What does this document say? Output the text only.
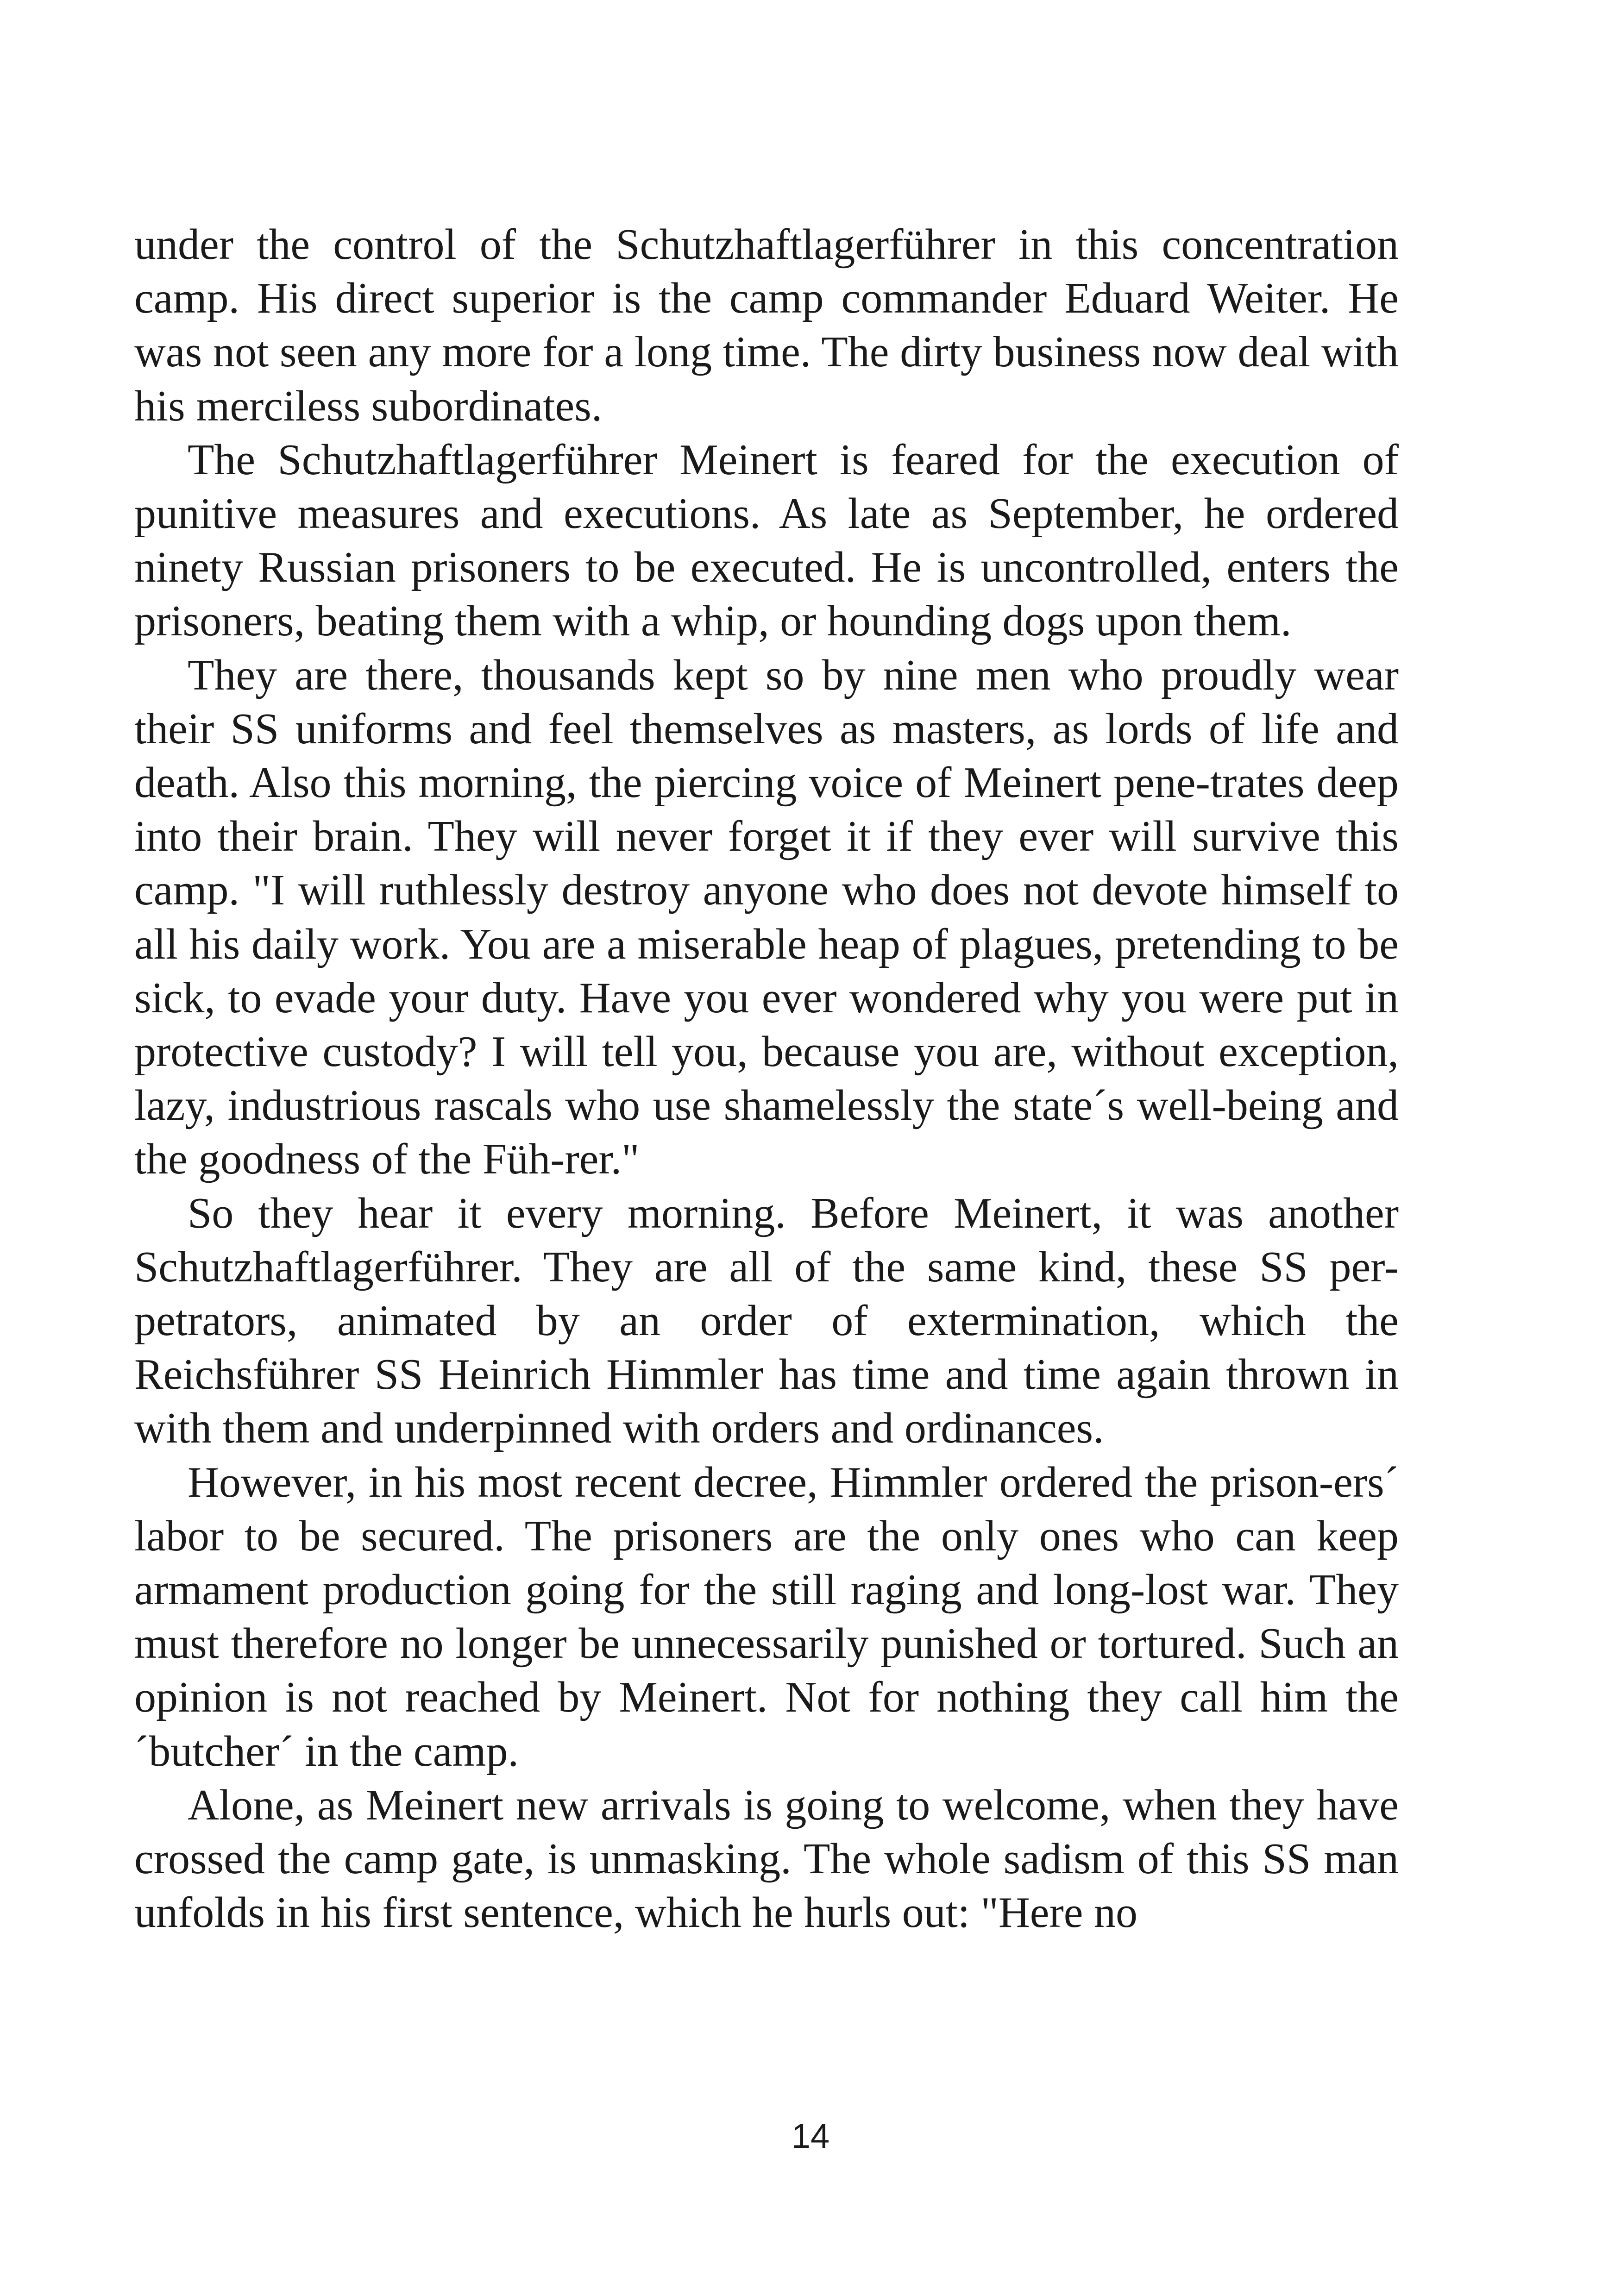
under the control of the Schutzhaftlagerführer in this concentration camp. His direct superior is the camp commander Eduard Weiter. He was not seen any more for a long time. The dirty business now deal with his merciless subordinates.

The Schutzhaftlagerführer Meinert is feared for the execution of punitive measures and executions. As late as September, he ordered ninety Russian prisoners to be executed. He is uncontrolled, enters the prisoners, beating them with a whip, or hounding dogs upon them.

They are there, thousands kept so by nine men who proudly wear their SS uniforms and feel themselves as masters, as lords of life and death. Also this morning, the piercing voice of Meinert pene-trates deep into their brain. They will never forget it if they ever will survive this camp. "I will ruthlessly destroy anyone who does not devote himself to all his daily work. You are a miserable heap of plagues, pretending to be sick, to evade your duty. Have you ever wondered why you were put in protective custody? I will tell you, because you are, without exception, lazy, industrious rascals who use shamelessly the state´s well-being and the goodness of the Füh-rer."

So they hear it every morning. Before Meinert, it was another Schutzhaftlagerführer. They are all of the same kind, these SS per-petrators, animated by an order of extermination, which the Reichsführer SS Heinrich Himmler has time and time again thrown in with them and underpinned with orders and ordinances.

However, in his most recent decree, Himmler ordered the prison-ers´ labor to be secured. The prisoners are the only ones who can keep armament production going for the still raging and long-lost war. They must therefore no longer be unnecessarily punished or tortured. Such an opinion is not reached by Meinert. Not for nothing they call him the ´butcher´ in the camp.

Alone, as Meinert new arrivals is going to welcome, when they have crossed the camp gate, is unmasking. The whole sadism of this SS man unfolds in his first sentence, which he hurls out: "Here no

14
